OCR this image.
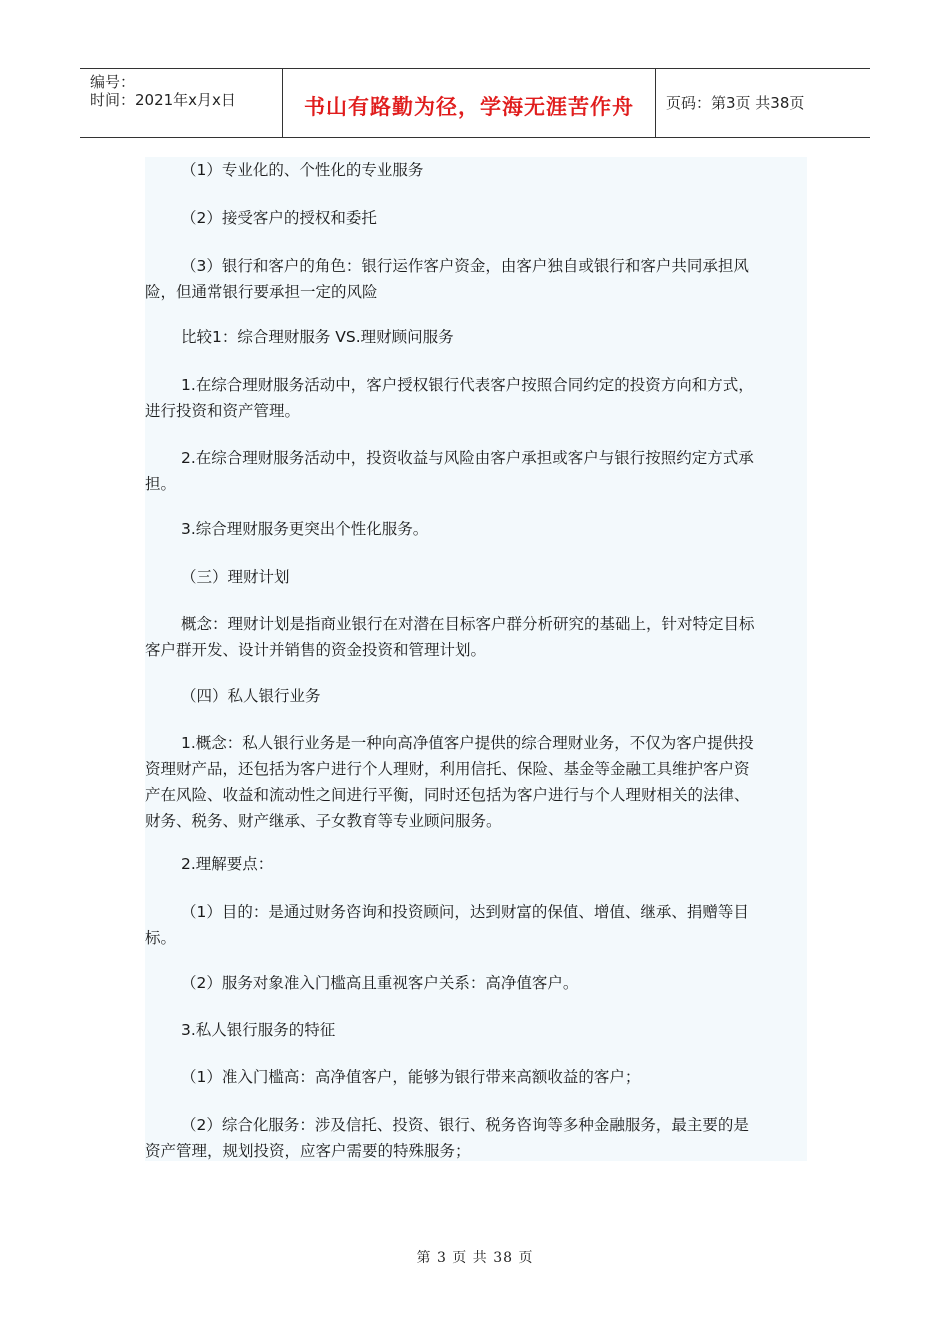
编号：
时间：2021年x月x日	书山有路勤为径，学海无涯苦作舟	页码：第3页 共38页
（1）专业化的、个性化的专业服务
（2）接受客户的授权和委托
（3）银行和客户的角色：银行运作客户资金，由客户独自或银行和客户共同承担风
险，但通常银行要承担一定的风险
比较1：综合理财服务 VS.理财顾问服务
1.在综合理财服务活动中，客户授权银行代表客户按照合同约定的投资方向和方式，
进行投资和资产管理。
2.在综合理财服务活动中，投资收益与风险由客户承担或客户与银行按照约定方式承
担。
3.综合理财服务更突出个性化服务。
（三）理财计划
概念：理财计划是指商业银行在对潜在目标客户群分析研究的基础上，针对特定目标
客户群开发、设计并销售的资金投资和管理计划。
（四）私人银行业务
1.概念：私人银行业务是一种向高净值客户提供的综合理财业务，不仅为客户提供投
资理财产品，还包括为客户进行个人理财，利用信托、保险、基金等金融工具维护客户资
产在风险、收益和流动性之间进行平衡，同时还包括为客户进行与个人理财相关的法律、
财务、税务、财产继承、子女教育等专业顾问服务。
2.理解要点：
（1）目的：是通过财务咨询和投资顾问，达到财富的保值、增值、继承、捐赠等目
标。
（2）服务对象准入门槛高且重视客户关系：高净值客户。
3.私人银行服务的特征
（1）准入门槛高：高净值客户，能够为银行带来高额收益的客户；
（2）综合化服务：涉及信托、投资、银行、税务咨询等多种金融服务，最主要的是
资产管理，规划投资，应客户需要的特殊服务；
第 3 页 共 38 页
